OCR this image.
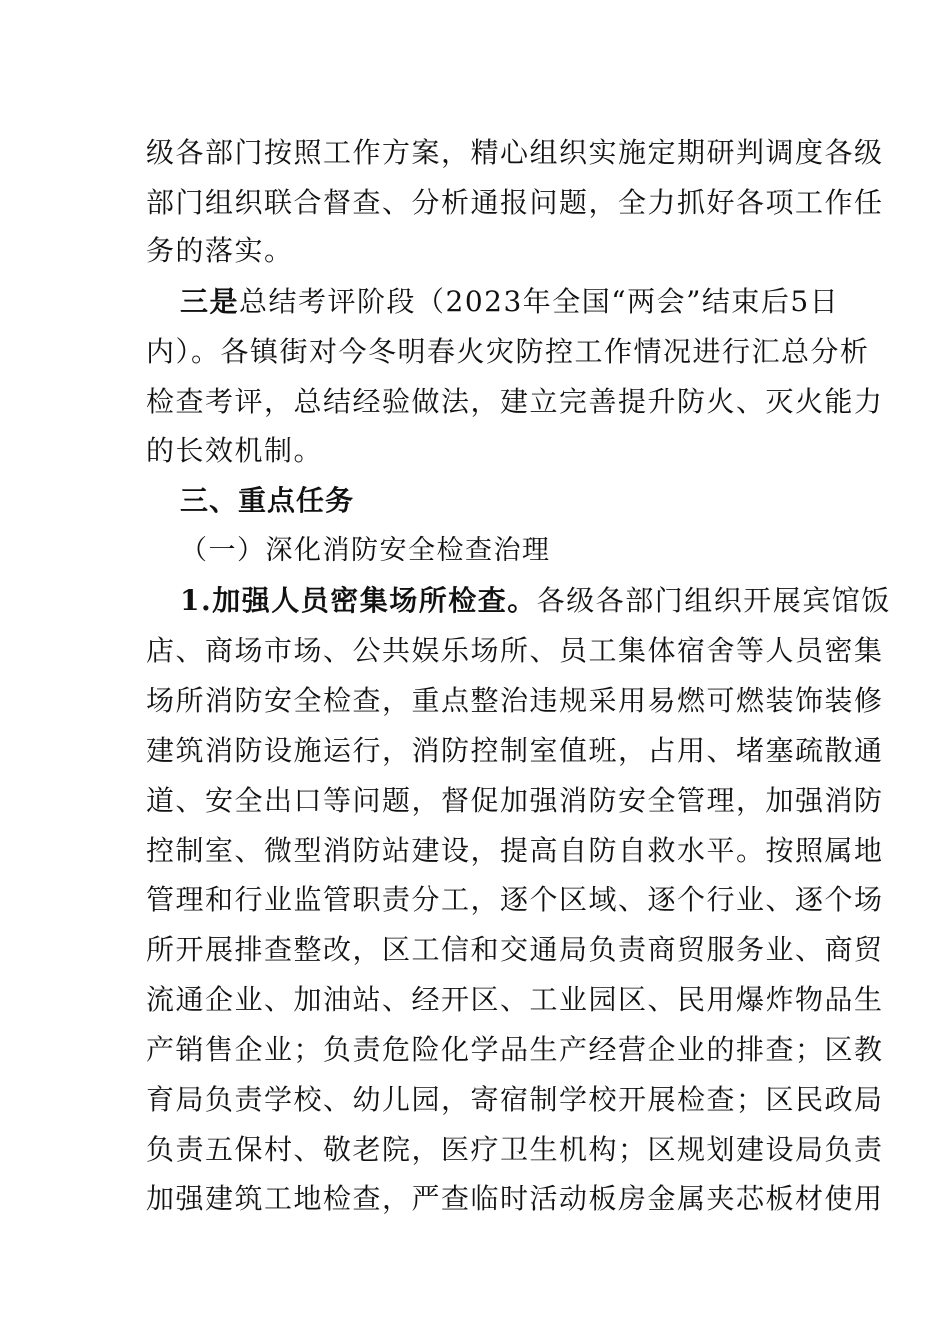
级各部门按照工作方案，精心组织实施定期研判调度各级
部门组织联合督查、分析通报问题，全力抓好各项工作任
务的落实。
三是总结考评阶段（2023年全国“两会”结束后5日
内）。各镇街对今冬明春火灾防控工作情况进行汇总分析
检查考评，总结经验做法，建立完善提升防火、灭火能力
的长效机制。
三、重点任务
（一）深化消防安全检查治理
1.加强人员密集场所检查。各级各部门组织开展宾馆饭
店、商场市场、公共娱乐场所、员工集体宿舍等人员密集
场所消防安全检查，重点整治违规采用易燃可燃装饰装修
建筑消防设施运行，消防控制室值班，占用、堵塞疏散通
道、安全出口等问题，督促加强消防安全管理，加强消防
控制室、微型消防站建设，提高自防自救水平。按照属地
管理和行业监管职责分工，逐个区域、逐个行业、逐个场
所开展排查整改，区工信和交通局负责商贸服务业、商贸
流通企业、加油站、经开区、工业园区、民用爆炸物品生
产销售企业；负责危险化学品生产经营企业的排查；区教
育局负责学校、幼儿园，寄宿制学校开展检查；区民政局
负责五保村、敬老院，医疗卫生机构；区规划建设局负责
加强建筑工地检查，严查临时活动板房金属夹芯板材使用
